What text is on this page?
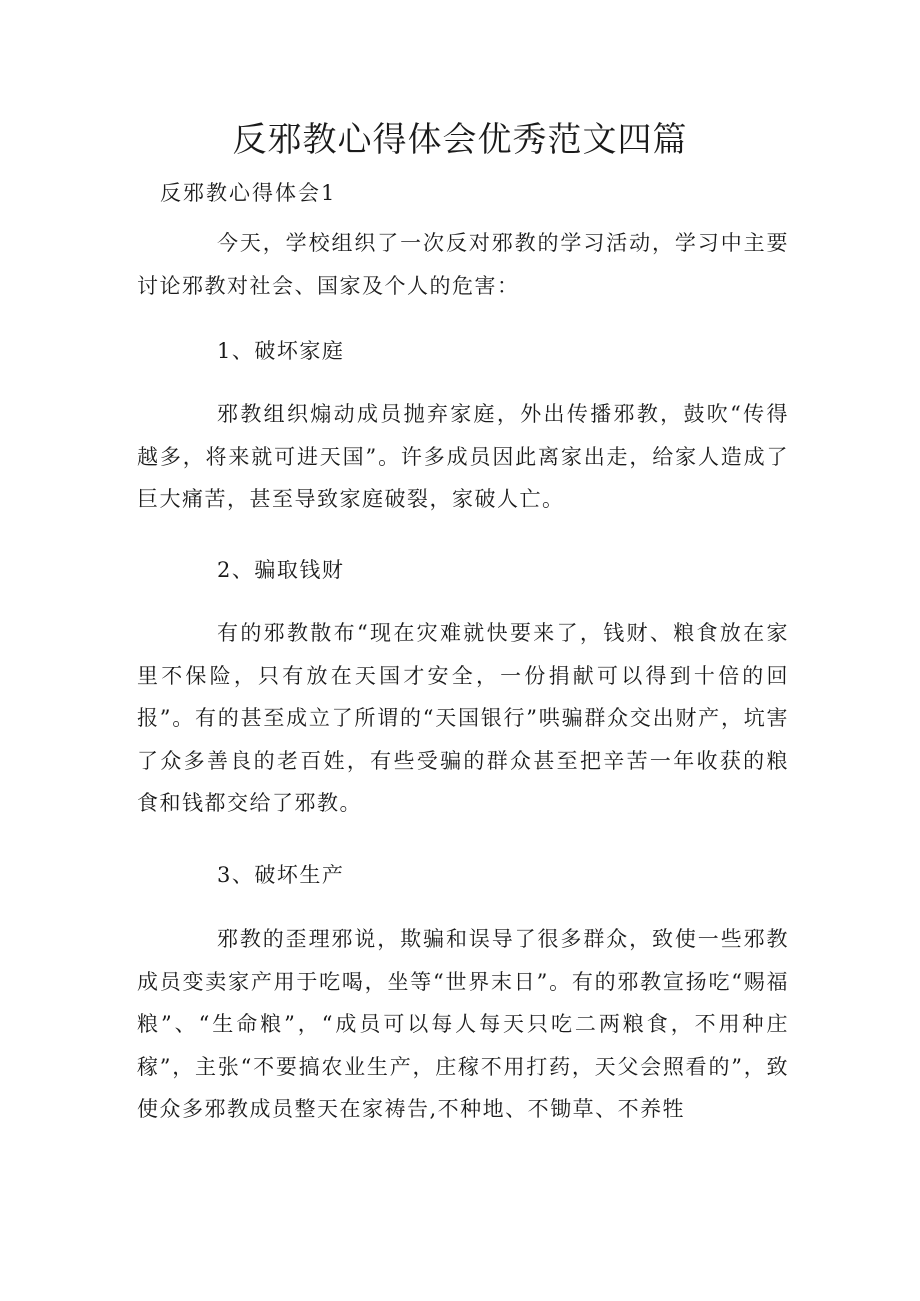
反邪教心得体会优秀范文四篇

反邪教心得体会1

今天，学校组织了一次反对邪教的学习活动，学习中主要讨论邪教对社会、国家及个人的危害：

1、破坏家庭

邪教组织煽动成员抛弃家庭，外出传播邪教，鼓吹“传得越多，将来就可进天国”。许多成员因此离家出走，给家人造成了巨大痛苦，甚至导致家庭破裂，家破人亡。

2、骗取钱财

有的邪教散布“现在灾难就快要来了，钱财、粮食放在家里不保险，只有放在天国才安全，一份捐献可以得到十倍的回报”。有的甚至成立了所谓的“天国银行”哄骗群众交出财产，坑害了众多善良的老百姓，有些受骗的群众甚至把辛苦一年收获的粮食和钱都交给了邪教。

3、破坏生产

邪教的歪理邪说，欺骗和误导了很多群众，致使一些邪教成员变卖家产用于吃喝，坐等“世界末日”。有的邪教宣扬吃“赐福粮”、“生命粮”，“成员可以每人每天只吃二两粮食，不用种庄稼”，主张“不要搞农业生产，庄稼不用打药，天父会照看的”，致使众多邪教成员整天在家祷告,不种地、不锄草、不养牲
